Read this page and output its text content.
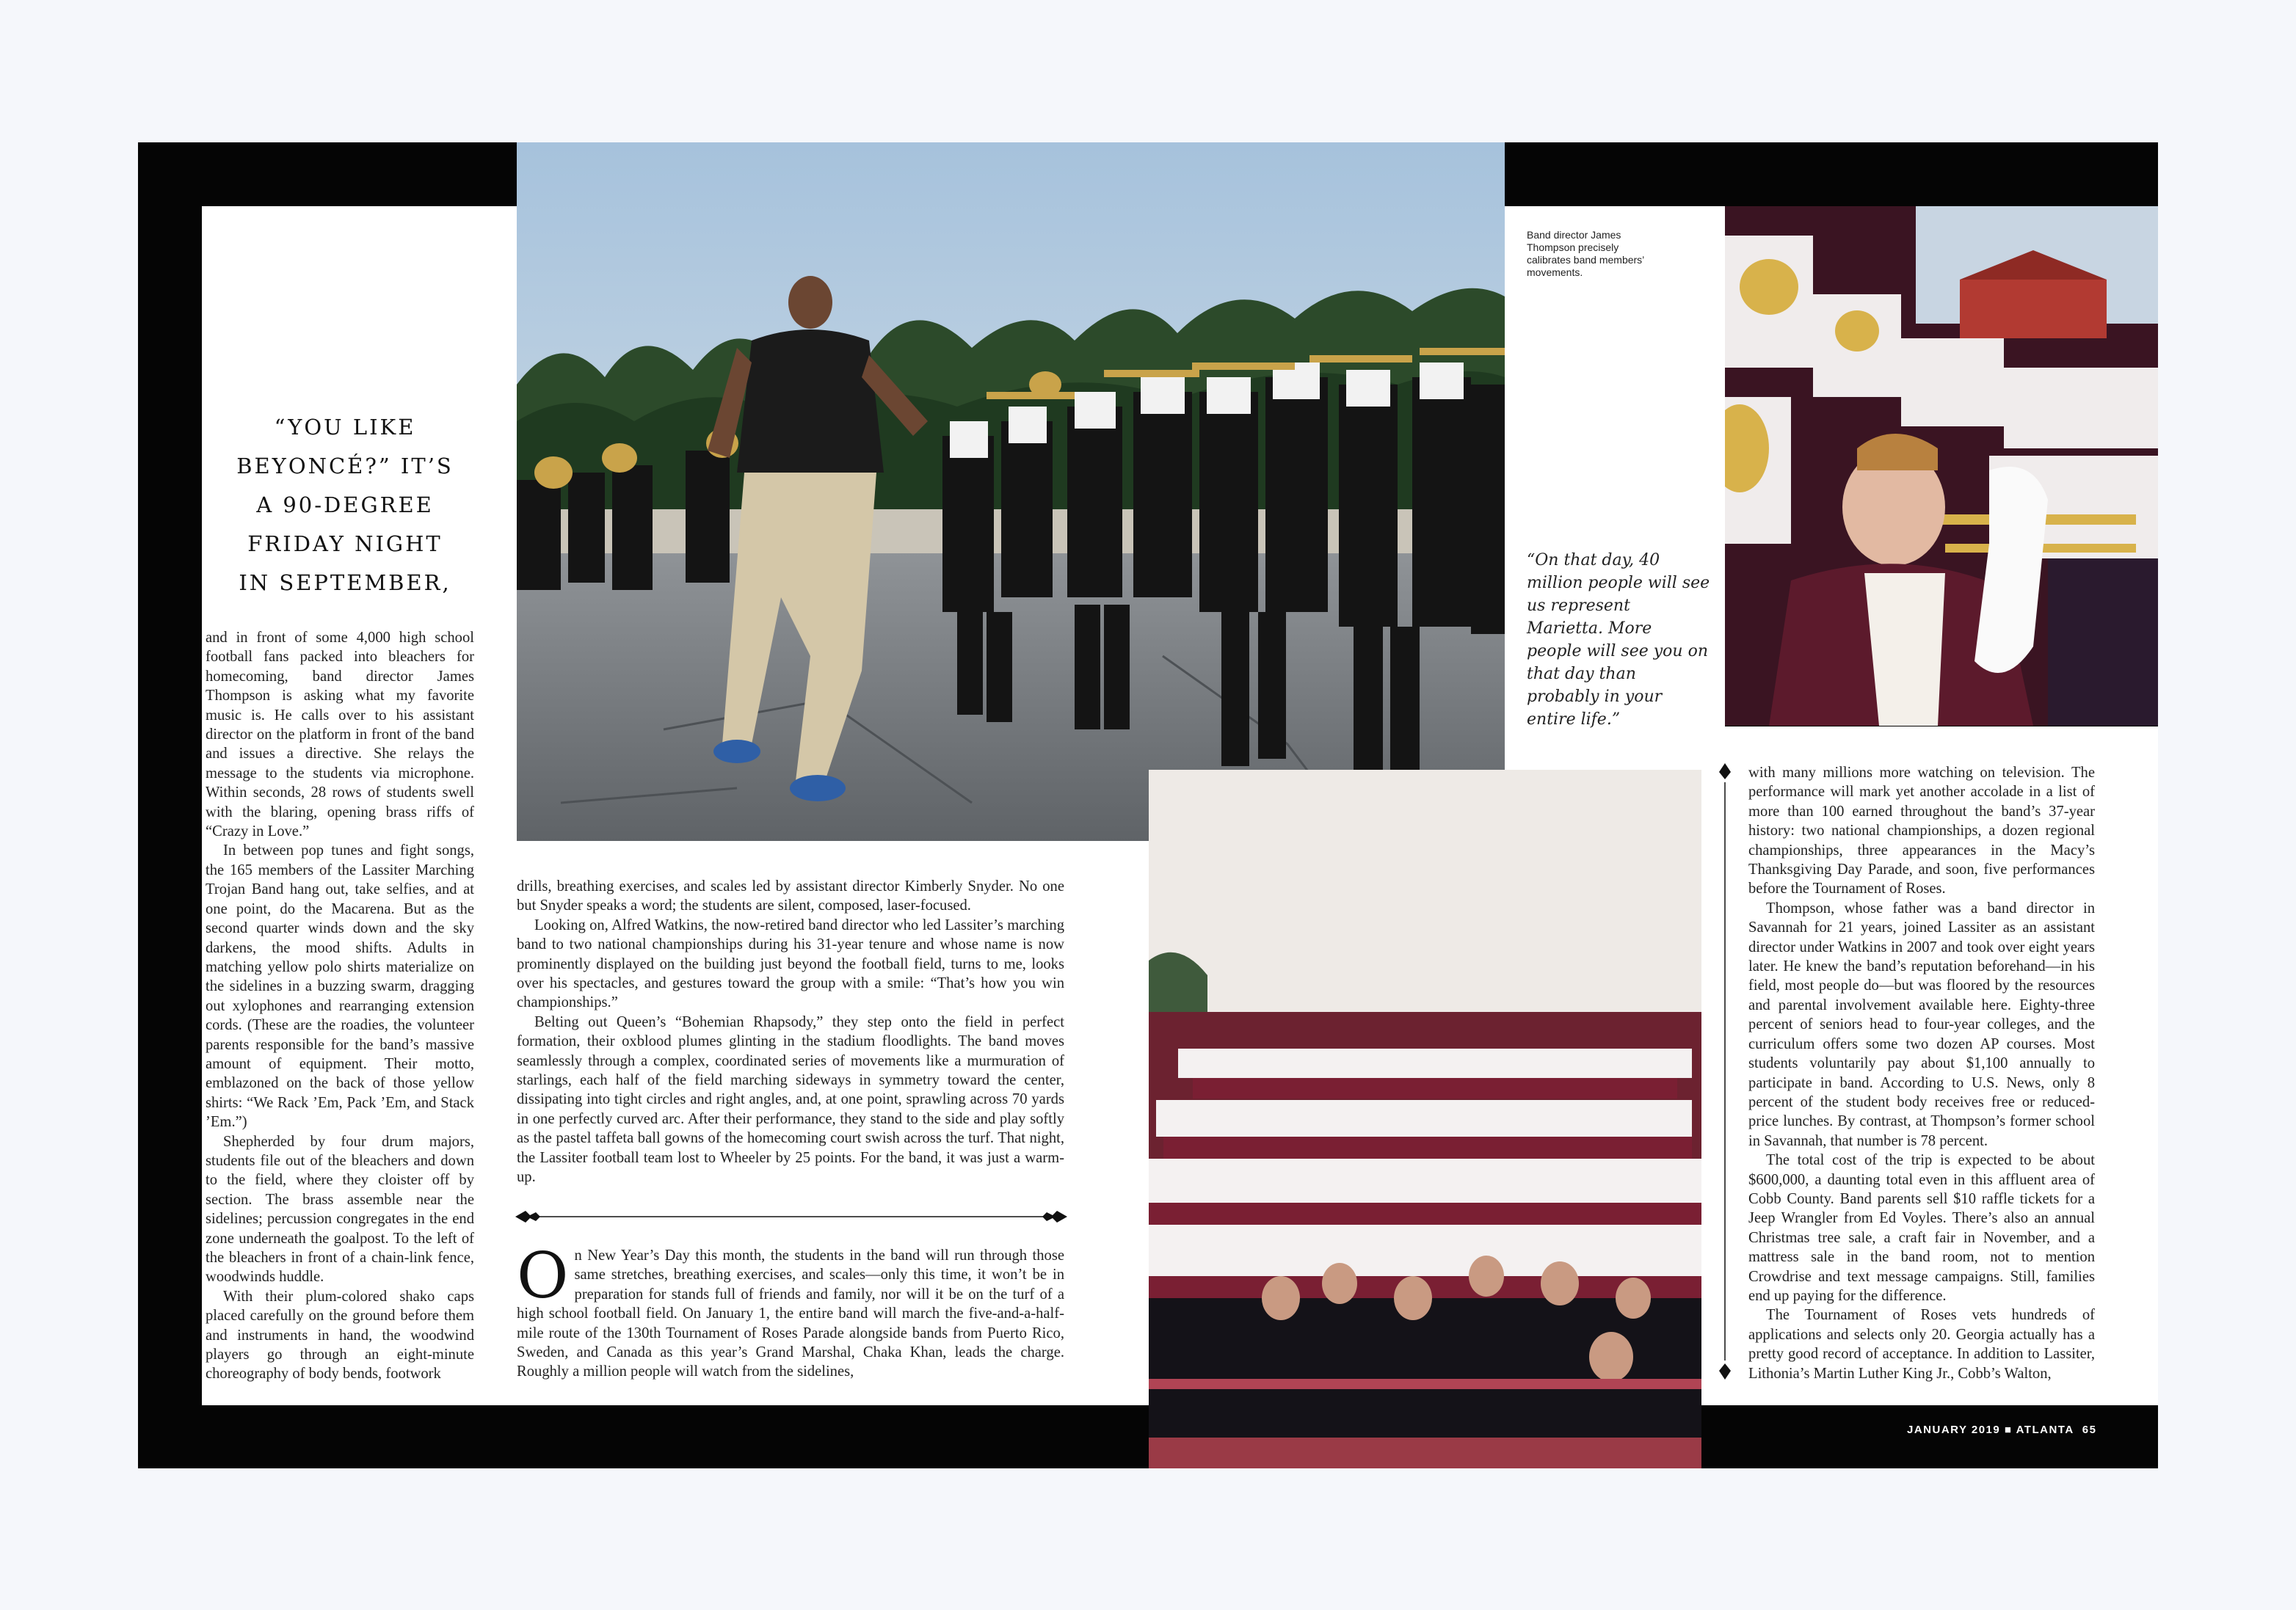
“YOU LIKE
BEYONCÉ?” IT’S
A 90-DEGREE
FRIDAY NIGHT
IN SEPTEMBER,

and in front of some 4,000 high school football fans packed into bleachers for homecoming, band director James Thompson is asking what my favorite music is. He calls over to his assistant director on the platform in front of the band and issues a directive. She relays the message to the students via microphone. Within seconds, 28 rows of students swell with the blaring, opening brass riffs of “Crazy in Love.”

In between pop tunes and fight songs, the 165 members of the Lassiter Marching Trojan Band hang out, take selfies, and at one point, do the Macarena. But as the second quarter winds down and the sky darkens, the mood shifts. Adults in matching yellow polo shirts materialize on the sidelines in a buzzing swarm, dragging out xylophones and rearranging extension cords. (These are the roadies, the volunteer parents responsible for the band’s massive amount of equipment. Their motto, emblazoned on the back of those yellow shirts: “We Rack ’Em, Pack ’Em, and Stack ’Em.”)

Shepherded by four drum majors, students file out of the bleachers and down to the field, where they cloister off by section. The brass assemble near the sidelines; percussion congregates in the end zone underneath the goalpost. To the left of the bleachers in front of a chain-link fence, woodwinds huddle.

With their plum-colored shako caps placed carefully on the ground before them and instruments in hand, the woodwind players go through an eight-minute choreography of body bends, footwork

drills, breathing exercises, and scales led by assistant director Kimberly Snyder. No one but Snyder speaks a word; the students are silent, composed, laser-focused.

Looking on, Alfred Watkins, the now-retired band director who led Lassiter’s marching band to two national championships during his 31-year tenure and whose name is now prominently displayed on the building just beyond the football field, turns to me, looks over his spectacles, and gestures toward the group with a smile: “That’s how you win championships.”

Belting out Queen’s “Bohemian Rhapsody,” they step onto the field in perfect formation, their oxblood plumes glinting in the stadium floodlights. The band moves seamlessly through a complex, coordinated series of movements like a murmuration of starlings, each half of the field marching sideways in symmetry toward the center, dissipating into tight circles and right angles, and, at one point, sprawling across 70 yards in one perfectly curved arc. After their performance, they stand to the side and play softly as the pastel taffeta ball gowns of the homecoming court swish across the turf. That night, the Lassiter football team lost to Wheeler by 25 points. For the band, it was just a warm-up.

On New Year’s Day this month, the students in the band will run through those same stretches, breathing exercises, and scales—only this time, it won’t be in preparation for stands full of friends and family, nor will it be on the turf of a high school football field. On January 1, the entire band will march the five-and-a-half-mile route of the 130th Tournament of Roses Parade alongside bands from Puerto Rico, Sweden, and Canada as this year’s Grand Marshal, Chaka Khan, leads the charge. Roughly a million people will watch from the sidelines,

Band director James Thompson precisely calibrates band members’ movements.
“On that day, 40 million people will see us represent Marietta. More people will see you on that day than probably in your entire life.”

with many millions more watching on television. The performance will mark yet another accolade in a list of more than 100 earned throughout the band’s 37-year history: two national championships, a dozen regional championships, three appearances in the Macy’s Thanksgiving Day Parade, and soon, five performances before the Tournament of Roses.

Thompson, whose father was a band director in Savannah for 21 years, joined Lassiter as an assistant director under Watkins in 2007 and took over eight years later. He knew the band’s reputation beforehand—in his field, most people do—but was floored by the resources and parental involvement available here. Eighty-three percent of seniors head to four-year colleges, and the curriculum offers some two dozen AP courses. Most students voluntarily pay about $1,100 annually to participate in band. According to U.S. News, only 8 percent of the student body receives free or reduced-price lunches. By contrast, at Thompson’s former school in Savannah, that number is 78 percent.

The total cost of the trip is expected to be about $600,000, a daunting total even in this affluent area of Cobb County. Band parents sell $10 raffle tickets for a Jeep Wrangler from Ed Voyles. There’s also an annual Christmas tree sale, a craft fair in November, and a mattress sale in the band room, not to mention Crowdrise and text message campaigns. Still, families end up paying for the difference.

The Tournament of Roses vets hundreds of applications and selects only 20. Georgia actually has a pretty good record of acceptance. In addition to Lassiter, Lithonia’s Martin Luther King Jr., Cobb’s Walton,

JANUARY 2019 ■ ATLANTA 65
